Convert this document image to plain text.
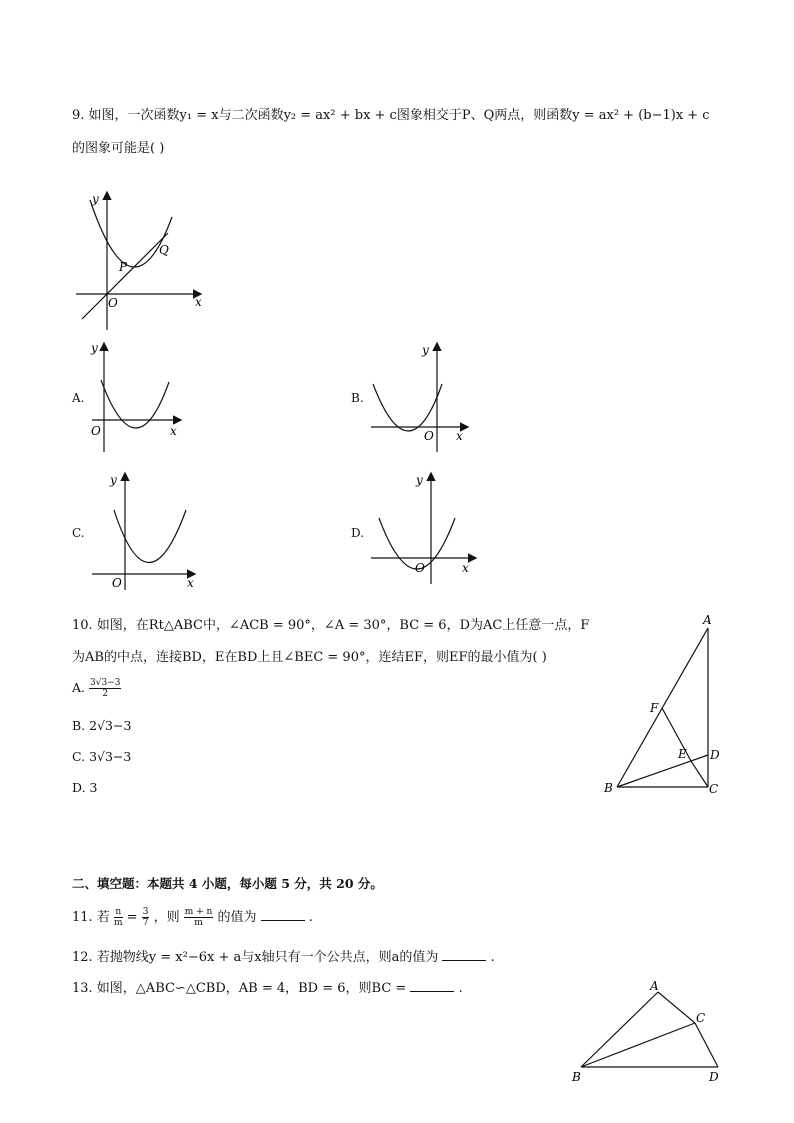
9. 如图，一次函数y₁ = x与二次函数y₂ = ax² + bx + c图象相交于P、Q两点，则函数y = ax² + (b−1)x + c
的图象可能是( )
y
x
O
P
Q
A.
y
x
O
B.
y
x
O
C.
y
x
O
D.
y
x
O
10. 如图，在Rt△ABC中，∠ACB = 90°，∠A = 30°，BC = 6，D为AC上任意一点，F
为AB的中点，连接BD，E在BD上且∠BEC = 90°，连结EF，则EF的最小值为( )
A. $\frac{3√3-3}{2}$
B. 2√3−3
C. 3√3−3
D. 3
A
B	C
D
E
F
二、填空题：本题共 4 小题，每小题 5 分，共 20 分。
11. 若 $\frac{n}{m} = \frac{3}{7}$ ，则 $\frac{m + n}{m}$ 的值为	.
12. 若抛物线y = x²−6x + a与x轴只有一个公共点，则a的值为	.
13. 如图，△ABC∽△CBD，AB = 4，BD = 6，则BC =	.	A
B
C
D
